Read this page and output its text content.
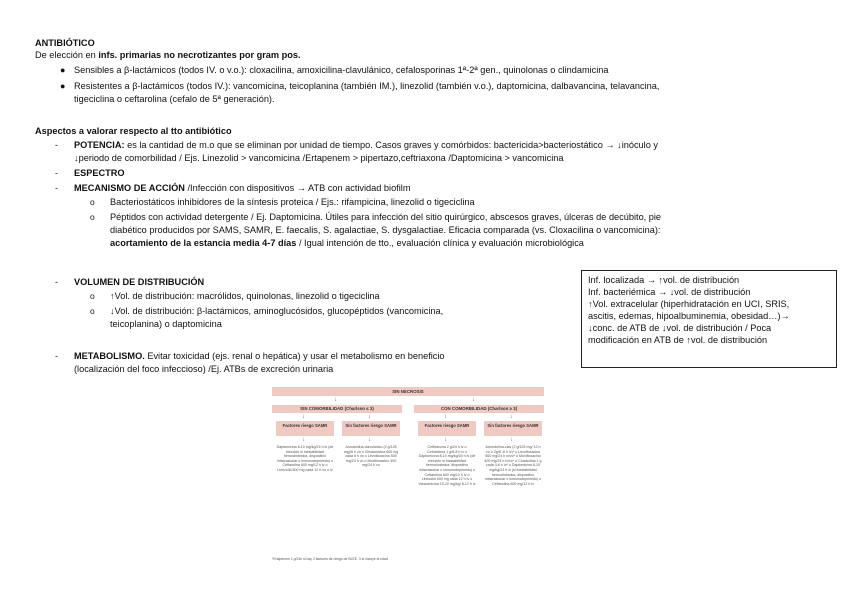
ANTIBIÓTICO
De elección en infs. primarias no necrotizantes por gram pos.
● Sensibles a β-lactámicos (todos IV. o v.o.): cloxacilina, amoxicilina-clavulánico, cefalosporinas 1ª-2ª gen., quinolonas o clindamicina
● Resistentes a β-lactámicos (todos IV.): vancomicina, teicoplanina (también IM.), linezolid (también v.o.), daptomicina, dalbavancina, telavancina,
tigeciclina o ceftarolina (cefalo de 5ª generación).
Aspectos a valorar respecto al tto antibiótico
- POTENCIA: es la cantidad de m.o que se eliminan por unidad de tiempo. Casos graves y comórbidos: bactericida>bacteriostático → ↓inóculo y
↓periodo de comorbilidad / Ejs. Linezolid > vancomicina /Ertapenem > pipertazo,ceftriaxona /Daptomicina > vancomicina
- ESPECTRO
- MECANISMO DE ACCIÓN /Infección con dispositivos → ATB con actividad biofilm
o Bacteriostáticos inhibidores de la síntesis proteica / Ejs.: rifampicina, linezolid o tigeciclina
o Péptidos con actividad detergente / Ej. Daptomicina. Útiles para infección del sitio quirúrgico, abscesos graves, úlceras de decúbito, pie
diabético producidos por SAMS, SAMR, E. faecalis, S. agalactiae, S. dysgalactiae. Eficacia comparada (vs. Cloxacilina o vancomicina):
acortamiento de la estancia media 4-7 días / Igual intención de tto., evaluación clínica y evaluación microbiológica
- VOLUMEN DE DISTRIBUCIÓN
o ↑Vol. de distribución: macrólidos, quinolonas, linezolid o tigeciclina
o ↓Vol. de distribución: β-lactámicos, aminoglucósidos, glucopéptidos (vancomicina,
teicoplanina) o daptomicina
Inf. localizada → ↑vol. de distribución
Inf. bacteriémica → ↓vol. de distribución
↑Vol. extracelular (hiperhidratación en UCI, SRIS,
ascitis, edemas, hipoalbuminemia, obesidad…)→
↓conc. de ATB de ↓vol. de distribución / Poca
modificación en ATB de ↑vol. de distribución
- METABOLISMO. Evitar toxicidad (ejs. renal o hepática) y usar el metabolismo en beneficio
(localización del foco infeccioso) /Ej. ATBs de excreción urinaria
SIN NECROSIS
↓	↓
SIN COMORBILIDAD (Charlson ≤ 3)	CON COMORBILIDAD (Charlson ≥ 3)
↓	↓	↓	↓
Factores riesgo SAMR	Sin factores riesgo SAMR	Factores riesgo SAMR	Sin factores riesgo SAMR
↓	↓	↓	↓
Daptomicina 6-10 mg/kg/24 h iv (de elección si inestabilidad hemodinámica, dispositivo intravascular o inmunodeprimido) o Ceftarolina 600 mg/12 h iv o Linezolid 600 mg cada 12 h vo o iv
Amoxicilina-clavulánico (2 g/125 mg)/8 h vo o Clindamicina 600 mg cada 8 h vo o Levofloxacino 500 mg/24 h vo o Moxifloxacino 400 mg/24 h vo
Ceftriaxona 2 g/24 h iv o Cefotaxima 1 g/6-8 h iv o Daptomicina 8-10 mg/kg/24 h iv (de elección si inestabilidad hemodinámica, dispositivo intravascular o inmunodeprimido) o Ceftarolina 600 mg/12 h iv o Linezolid 600 mg cada 12 h iv o Vancomicina 15-20 mg/kg/ 8-12 h iv
Amoxicilina-clav (2 g/125 mg/ 12 h vo o 2g/8 -8 h iv)* o Levofloxacino 500 mg/24 h iv/vo* o Moxifloxacino 400 mg/24 h iv/vo* o Cloxacilina 1 g cada 4-6 h iv* o Daptomicina 8-10 mg/kg/24 h iv (si inestabilidad hemodinámica, dispositivo intravascular o inmunodeprimido) o Ceftarolina 600 mg/12 h iv
*Ertapenem 1 g/24h si hay 2 factores de riesgo de BLEE, 3 si incluye la edad
